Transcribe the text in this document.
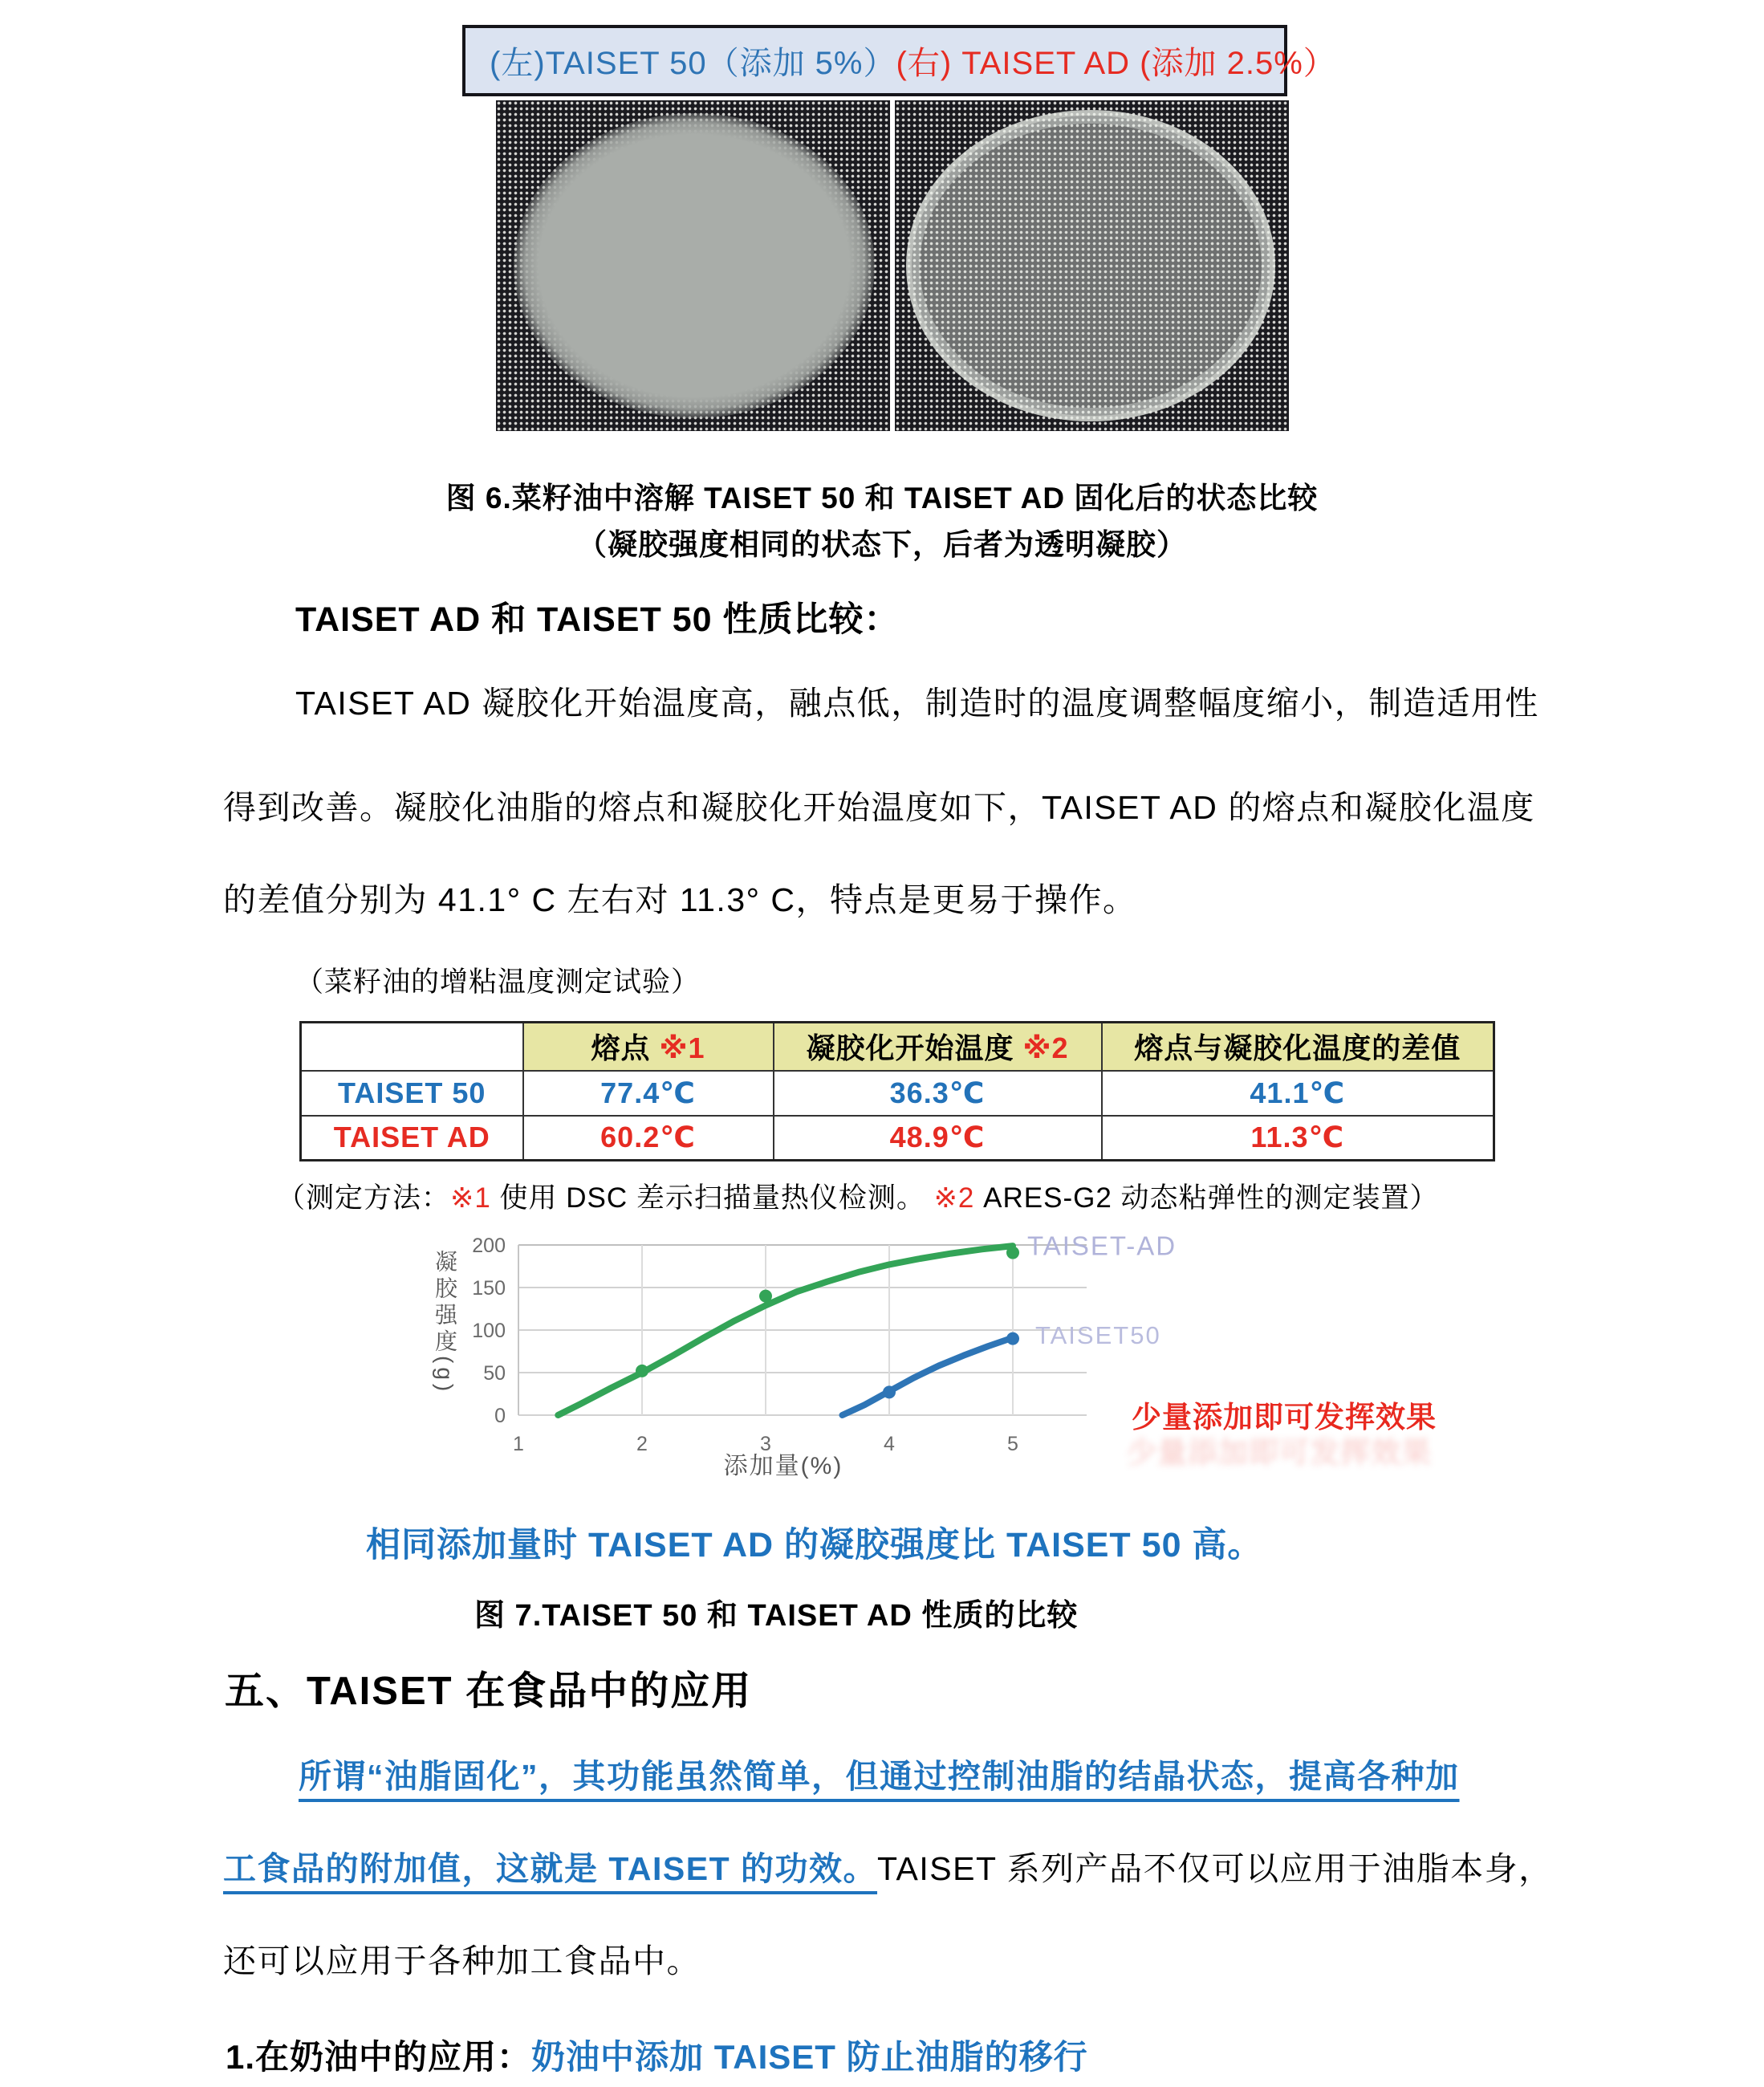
(左)TAISET 50（添加 5%） (右) TAISET AD (添加 2.5%）
图 6.菜籽油中溶解 TAISET 50 和 TAISET AD 固化后的状态比较
（凝胶强度相同的状态下，后者为透明凝胶）
TAISET AD 和 TAISET 50 性质比较：
TAISET AD 凝胶化开始温度高，融点低，制造时的温度调整幅度缩小，制造适用性
得到改善。凝胶化油脂的熔点和凝胶化开始温度如下，TAISET AD 的熔点和凝胶化温度
的差值分别为 41.1° C 左右对 11.3° C，特点是更易于操作。
（菜籽油的增粘温度测定试验）
	熔点 ※1	凝胶化开始温度 ※2	熔点与凝胶化温度的差值
TAISET 50	77.4℃	36.3℃	41.1℃
TAISET AD	60.2℃	48.9℃	11.3℃
（测定方法：※1 使用 DSC 差示扫描量热仪检测。 ※2 ARES-G2 动态粘弹性的测定装置）
0
50
100
150
200
1	2	3	4	5
TAISET-AD
TAISET50
凝胶强度(g)
添加量(%)
少量添加即可发挥效果
少量添加即可发挥效果
相同添加量时 TAISET AD 的凝胶强度比 TAISET 50 高。
图 7.TAISET 50 和 TAISET AD 性质的比较
五、TAISET 在食品中的应用
所谓“油脂固化”，其功能虽然简单，但通过控制油脂的结晶状态，提高各种加
工食品的附加值，这就是 TAISET 的功效。TAISET 系列产品不仅可以应用于油脂本身，
还可以应用于各种加工食品中。
1.在奶油中的应用：奶油中添加 TAISET 防止油脂的移行
